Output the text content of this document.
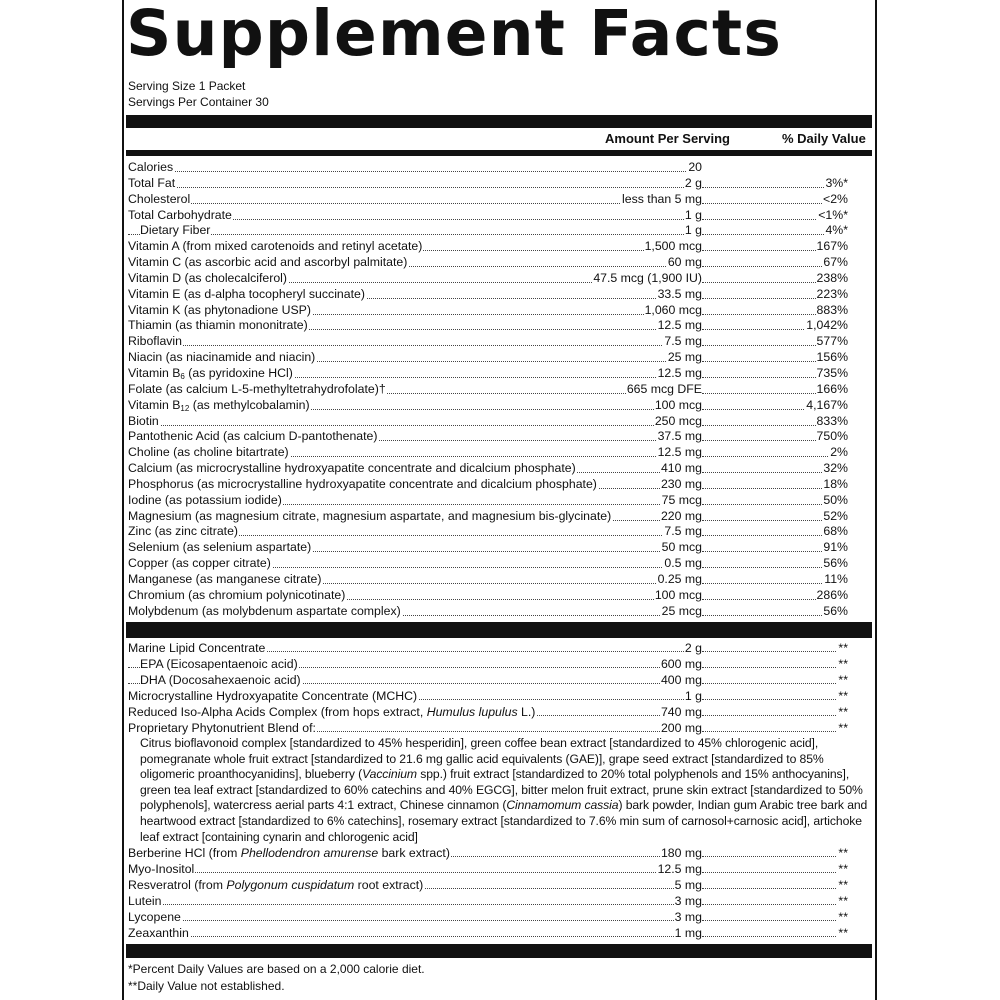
Supplement Facts
Serving Size 1 Packet
Servings Per Container 30
Amount Per Serving	% Daily Value
Calories	20
Total Fat	2 g	3%*
Cholesterol	less than 5 mg	<2%
Total Carbohydrate	1 g	<1%*
Dietary Fiber	1 g	4%*
Vitamin A (from mixed carotenoids and retinyl acetate)	1,500 mcg	167%
Vitamin C (as ascorbic acid and ascorbyl palmitate)	60 mg	67%
Vitamin D (as cholecalciferol)	47.5 mcg (1,900 IU)	238%
Vitamin E (as d-alpha tocopheryl succinate)	33.5 mg	223%
Vitamin K (as phytonadione USP)	1,060 mcg	883%
Thiamin (as thiamin mononitrate)	12.5 mg	1,042%
Riboflavin	7.5 mg	577%
Niacin (as niacinamide and niacin)	25 mg	156%
Vitamin $B_6$ (as pyridoxine HCl)	12.5 mg	735%
Folate (as calcium L-5-methyltetrahydrofolate)†	665 mcg DFE	166%
Vitamin $B_{12}$ (as methylcobalamin)	100 mcg	4,167%
Biotin	250 mcg	833%
Pantothenic Acid (as calcium D-pantothenate)	37.5 mg	750%
Choline (as choline bitartrate)	12.5 mg	2%
Calcium (as microcrystalline hydroxyapatite concentrate and dicalcium phosphate)	410 mg	32%
Phosphorus (as microcrystalline hydroxyapatite concentrate and dicalcium phosphate)	230 mg	18%
Iodine (as potassium iodide)	75 mcg	50%
Magnesium (as magnesium citrate, magnesium aspartate, and magnesium bis-glycinate)	220 mg	52%
Zinc (as zinc citrate)	7.5 mg	68%
Selenium (as selenium aspartate)	50 mcg	91%
Copper (as copper citrate)	0.5 mg	56%
Manganese (as manganese citrate)	0.25 mg	11%
Chromium (as chromium polynicotinate)	100 mcg	286%
Molybdenum (as molybdenum aspartate complex)	25 mcg	56%
Marine Lipid Concentrate	2 g	**
EPA (Eicosapentaenoic acid)	600 mg	**
DHA (Docosahexaenoic acid)	400 mg	**
Microcrystalline Hydroxyapatite Concentrate (MCHC)	1 g	**
Reduced Iso-Alpha Acids Complex (from hops extract, Humulus lupulus L.)	740 mg	**
Proprietary Phytonutrient Blend of:	200 mg	**

Citrus bioflavonoid complex [standardized to 45% hesperidin], green coffee bean extract [standardized to 45% chlorogenic acid], pomegranate whole fruit extract [standardized to 21.6 mg gallic acid equivalents (GAE)], grape seed extract [standardized to 85% oligomeric proanthocyanidins], blueberry (Vaccinium spp.) fruit extract [standardized to 20% total polyphenols and 15% anthocyanins], green tea leaf extract [standardized to 60% catechins and 40% EGCG], bitter melon fruit extract, prune skin extract [standardized to 50% polyphenols], watercress aerial parts 4:1 extract, Chinese cinnamon (Cinnamomum cassia) bark powder, Indian gum Arabic tree bark and heartwood extract [standardized to 6% catechins], rosemary extract [standardized to 7.6% min sum of carnosol+carnosic acid], artichoke leaf extract [containing cynarin and chlorogenic acid]

Berberine HCl (from Phellodendron amurense bark extract)	180 mg	**
Myo-Inositol	12.5 mg	**
Resveratrol (from Polygonum cuspidatum root extract)	5 mg	**
Lutein	3 mg	**
Lycopene	3 mg	**
Zeaxanthin	1 mg	**
*Percent Daily Values are based on a 2,000 calorie diet.
**Daily Value not established.
